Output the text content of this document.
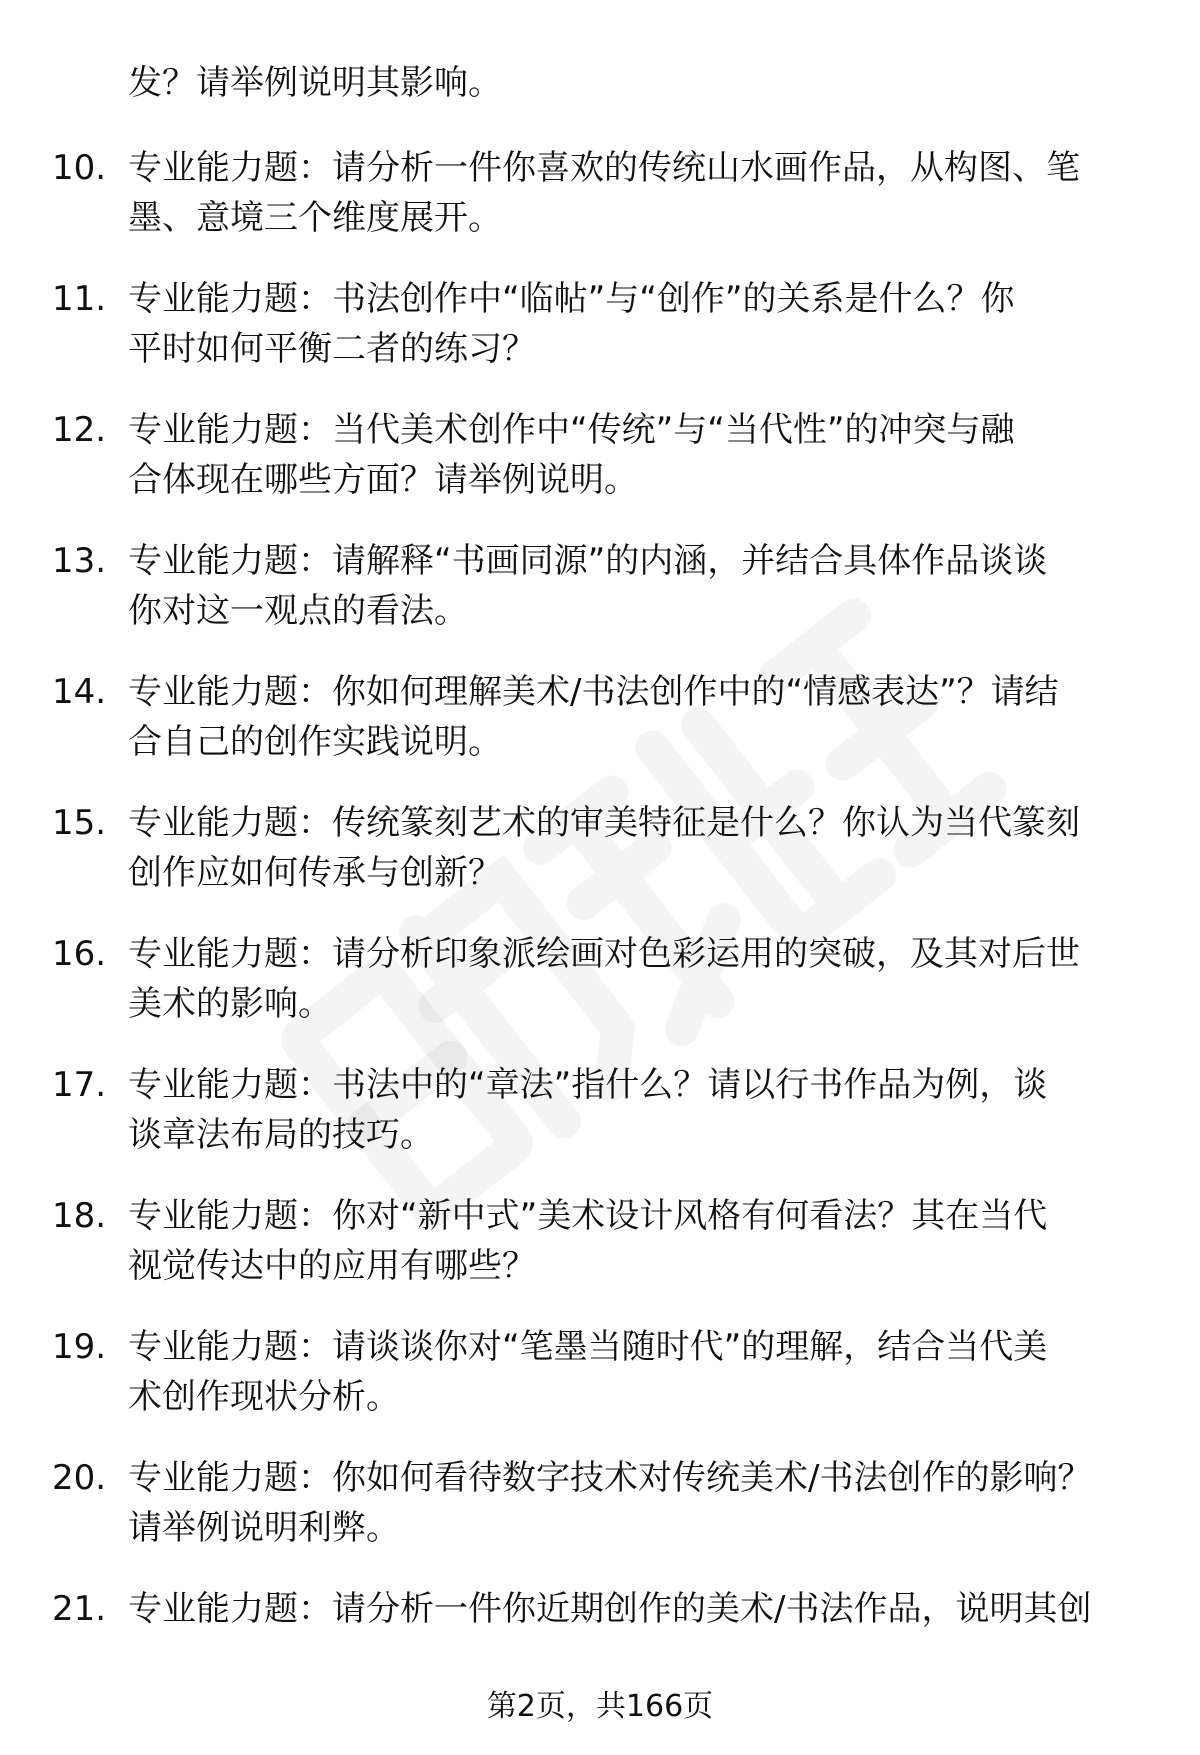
发？请举例说明其影响。
10. 专业能力题：请分析一件你喜欢的传统山水画作品，从构图、笔
墨、意境三个维度展开。
11. 专业能力题：书法创作中“临帖”与“创作”的关系是什么？你
平时如何平衡二者的练习？
12. 专业能力题：当代美术创作中“传统”与“当代性”的冲突与融
合体现在哪些方面？请举例说明。
13. 专业能力题：请解释“书画同源”的内涵，并结合具体作品谈谈
你对这一观点的看法。
14. 专业能力题：你如何理解美术/书法创作中的“情感表达”？请结
合自己的创作实践说明。
15. 专业能力题：传统篆刻艺术的审美特征是什么？你认为当代篆刻
创作应如何传承与创新？
16. 专业能力题：请分析印象派绘画对色彩运用的突破，及其对后世
美术的影响。
17. 专业能力题：书法中的“章法”指什么？请以行书作品为例，谈
谈章法布局的技巧。
18. 专业能力题：你对“新中式”美术设计风格有何看法？其在当代
视觉传达中的应用有哪些？
19. 专业能力题：请谈谈你对“笔墨当随时代”的理解，结合当代美
术创作现状分析。
20. 专业能力题：你如何看待数字技术对传统美术/书法创作的影响？
请举例说明利弊。
21. 专业能力题：请分析一件你近期创作的美术/书法作品，说明其创
第2页，共166页
